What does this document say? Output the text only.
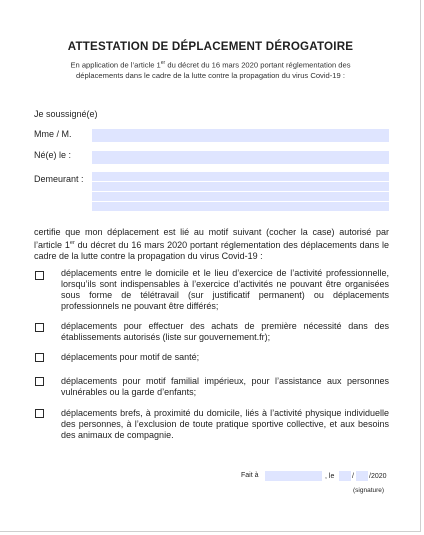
ATTESTATION DE DÉPLACEMENT DÉROGATOIRE
En application de l’article 1er du décret du 16 mars 2020 portant réglementation des
déplacements dans le cadre de la lutte contre la propagation du virus Covid-19 :
Je soussigné(e)
Mme / M.
Né(e) le :
Demeurant :
certifie que mon déplacement est lié au motif suivant (cocher la case) autorisé par l’article 1er du décret du 16 mars 2020 portant réglementation des déplacements dans le cadre de la lutte contre la propagation du virus Covid-19 :
déplacements entre le domicile et le lieu d’exercice de l’activité professionnelle, lorsqu’ils sont indispensables à l’exercice d’activités ne pouvant être organisées sous forme de télétravail (sur justificatif permanent) ou déplacements professionnels ne pouvant être différés;
déplacements pour effectuer des achats de première nécessité dans des établissements autorisés (liste sur gouvernement.fr);
déplacements pour motif de santé;
déplacements pour motif familial impérieux, pour l’assistance aux personnes vulnérables ou la garde d’enfants;
déplacements brefs, à proximité du domicile, liés à l’activité physique individuelle des personnes, à l’exclusion de toute pratique sportive collective, et aux besoins des animaux de compagnie.
Fait à	, le	/ /2020
(signature)
